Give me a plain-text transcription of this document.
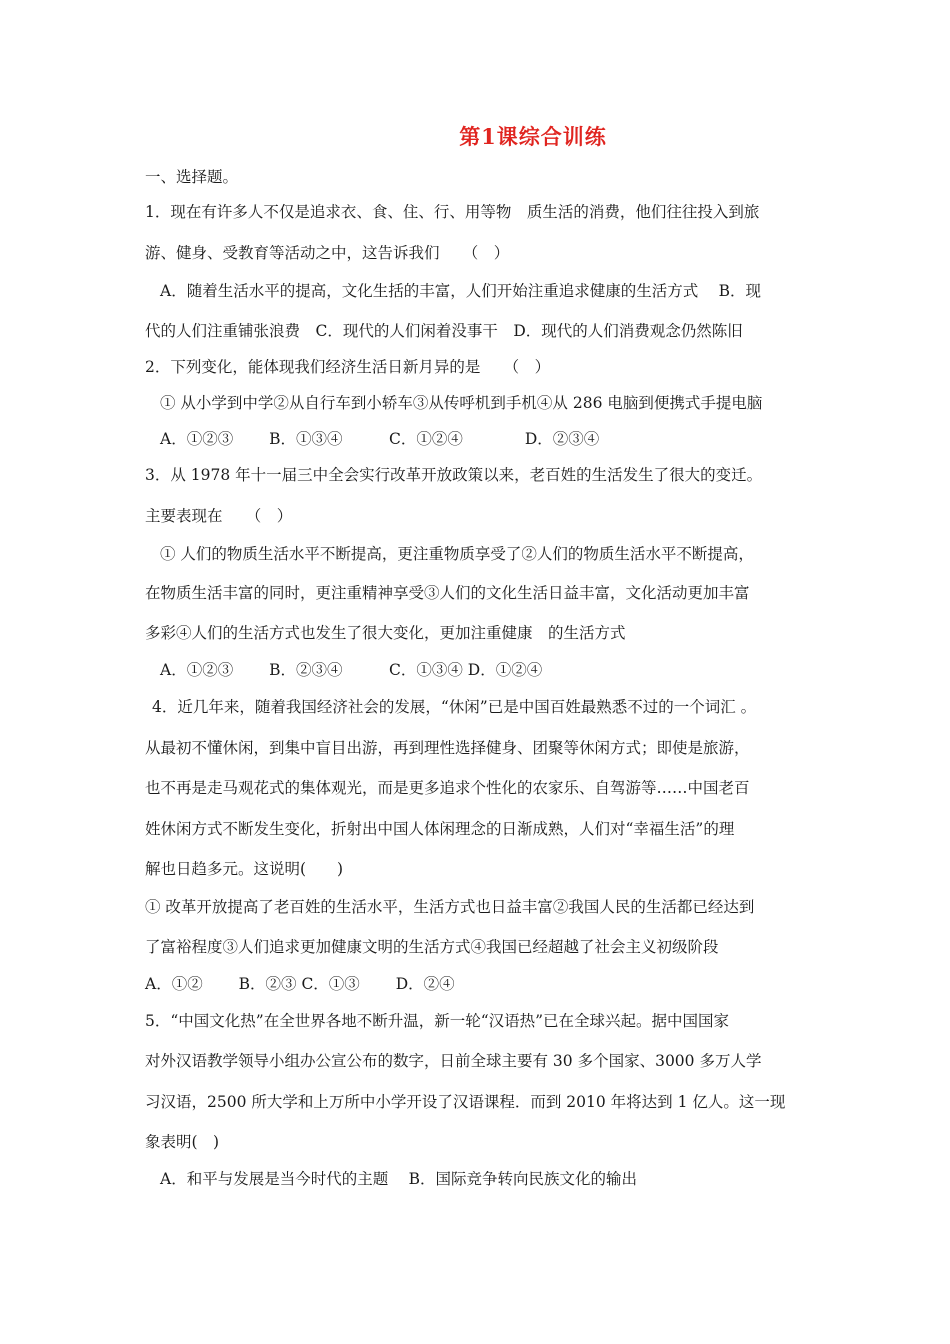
第1课综合训练
一、选择题。
1．现在有许多人不仅是追求衣、食、住、行、用等物　质生活的消费，他们往往投入到旅
游、健身、受教育等活动之中，这告诉我们　　（　）
A．随着生活水平的提高，文化生括的丰富，人们开始注重追求健康的生活方式　 B．现
代的人们注重铺张浪费　C．现代的人们闲着没事干　D．现代的人们消费观念仍然陈旧
2．下列变化，能体现我们经济生活日新月异的是　　（　）
① 从小学到中学②从自行车到小轿车③从传呼机到手机④从 286 电脑到便携式手提电脑
A．①②③　　 B．①③④　　　C．①②④　　　　D．②③④
3．从 1978 年十一届三中全会实行改革开放政策以来，老百姓的生活发生了很大的变迁。
主要表现在　　（　）
① 人们的物质生活水平不断提高，更注重物质享受了②人们的物质生活水平不断提高，
在物质生活丰富的同时，更注重精神享受③人们的文化生活日益丰富，文化活动更加丰富
多彩④人们的生活方式也发生了很大变化，更加注重健康　的生活方式
A．①②③　　 B．②③④　　　C．①③④ D．①②④
4．近几年来，随着我国经济社会的发展，“休闲”已是中国百姓最熟悉不过的一个词汇 。
从最初不懂休闲，到集中盲目出游，再到理性选择健身、团聚等休闲方式；即使是旅游，
也不再是走马观花式的集体观光，而是更多追求个性化的农家乐、自驾游等……中国老百
姓休闲方式不断发生变化，折射出中国人体闲理念的日渐成熟，人们对“幸福生活”的理
解也日趋多元。这说明(　　)
① 改革开放提高了老百姓的生活水平，生活方式也日益丰富②我国人民的生活都已经达到
了富裕程度③人们追求更加健康文明的生活方式④我国已经超越了社会主义初级阶段
A．①②　　 B．②③ C．①③　　 D．②④
5．“中国文化热”在全世界各地不断升温，新一轮“汉语热”已在全球兴起。据中国国家
对外汉语教学领导小组办公宣公布的数字，日前全球主要有 30 多个国家、3000 多万人学
习汉语，2500 所大学和上万所中小学开设了汉语课程．而到 2010 年将达到 1 亿人。这一现
象表明(　)
A．和平与发展是当今时代的主题　 B．国际竞争转向民族文化的输出
